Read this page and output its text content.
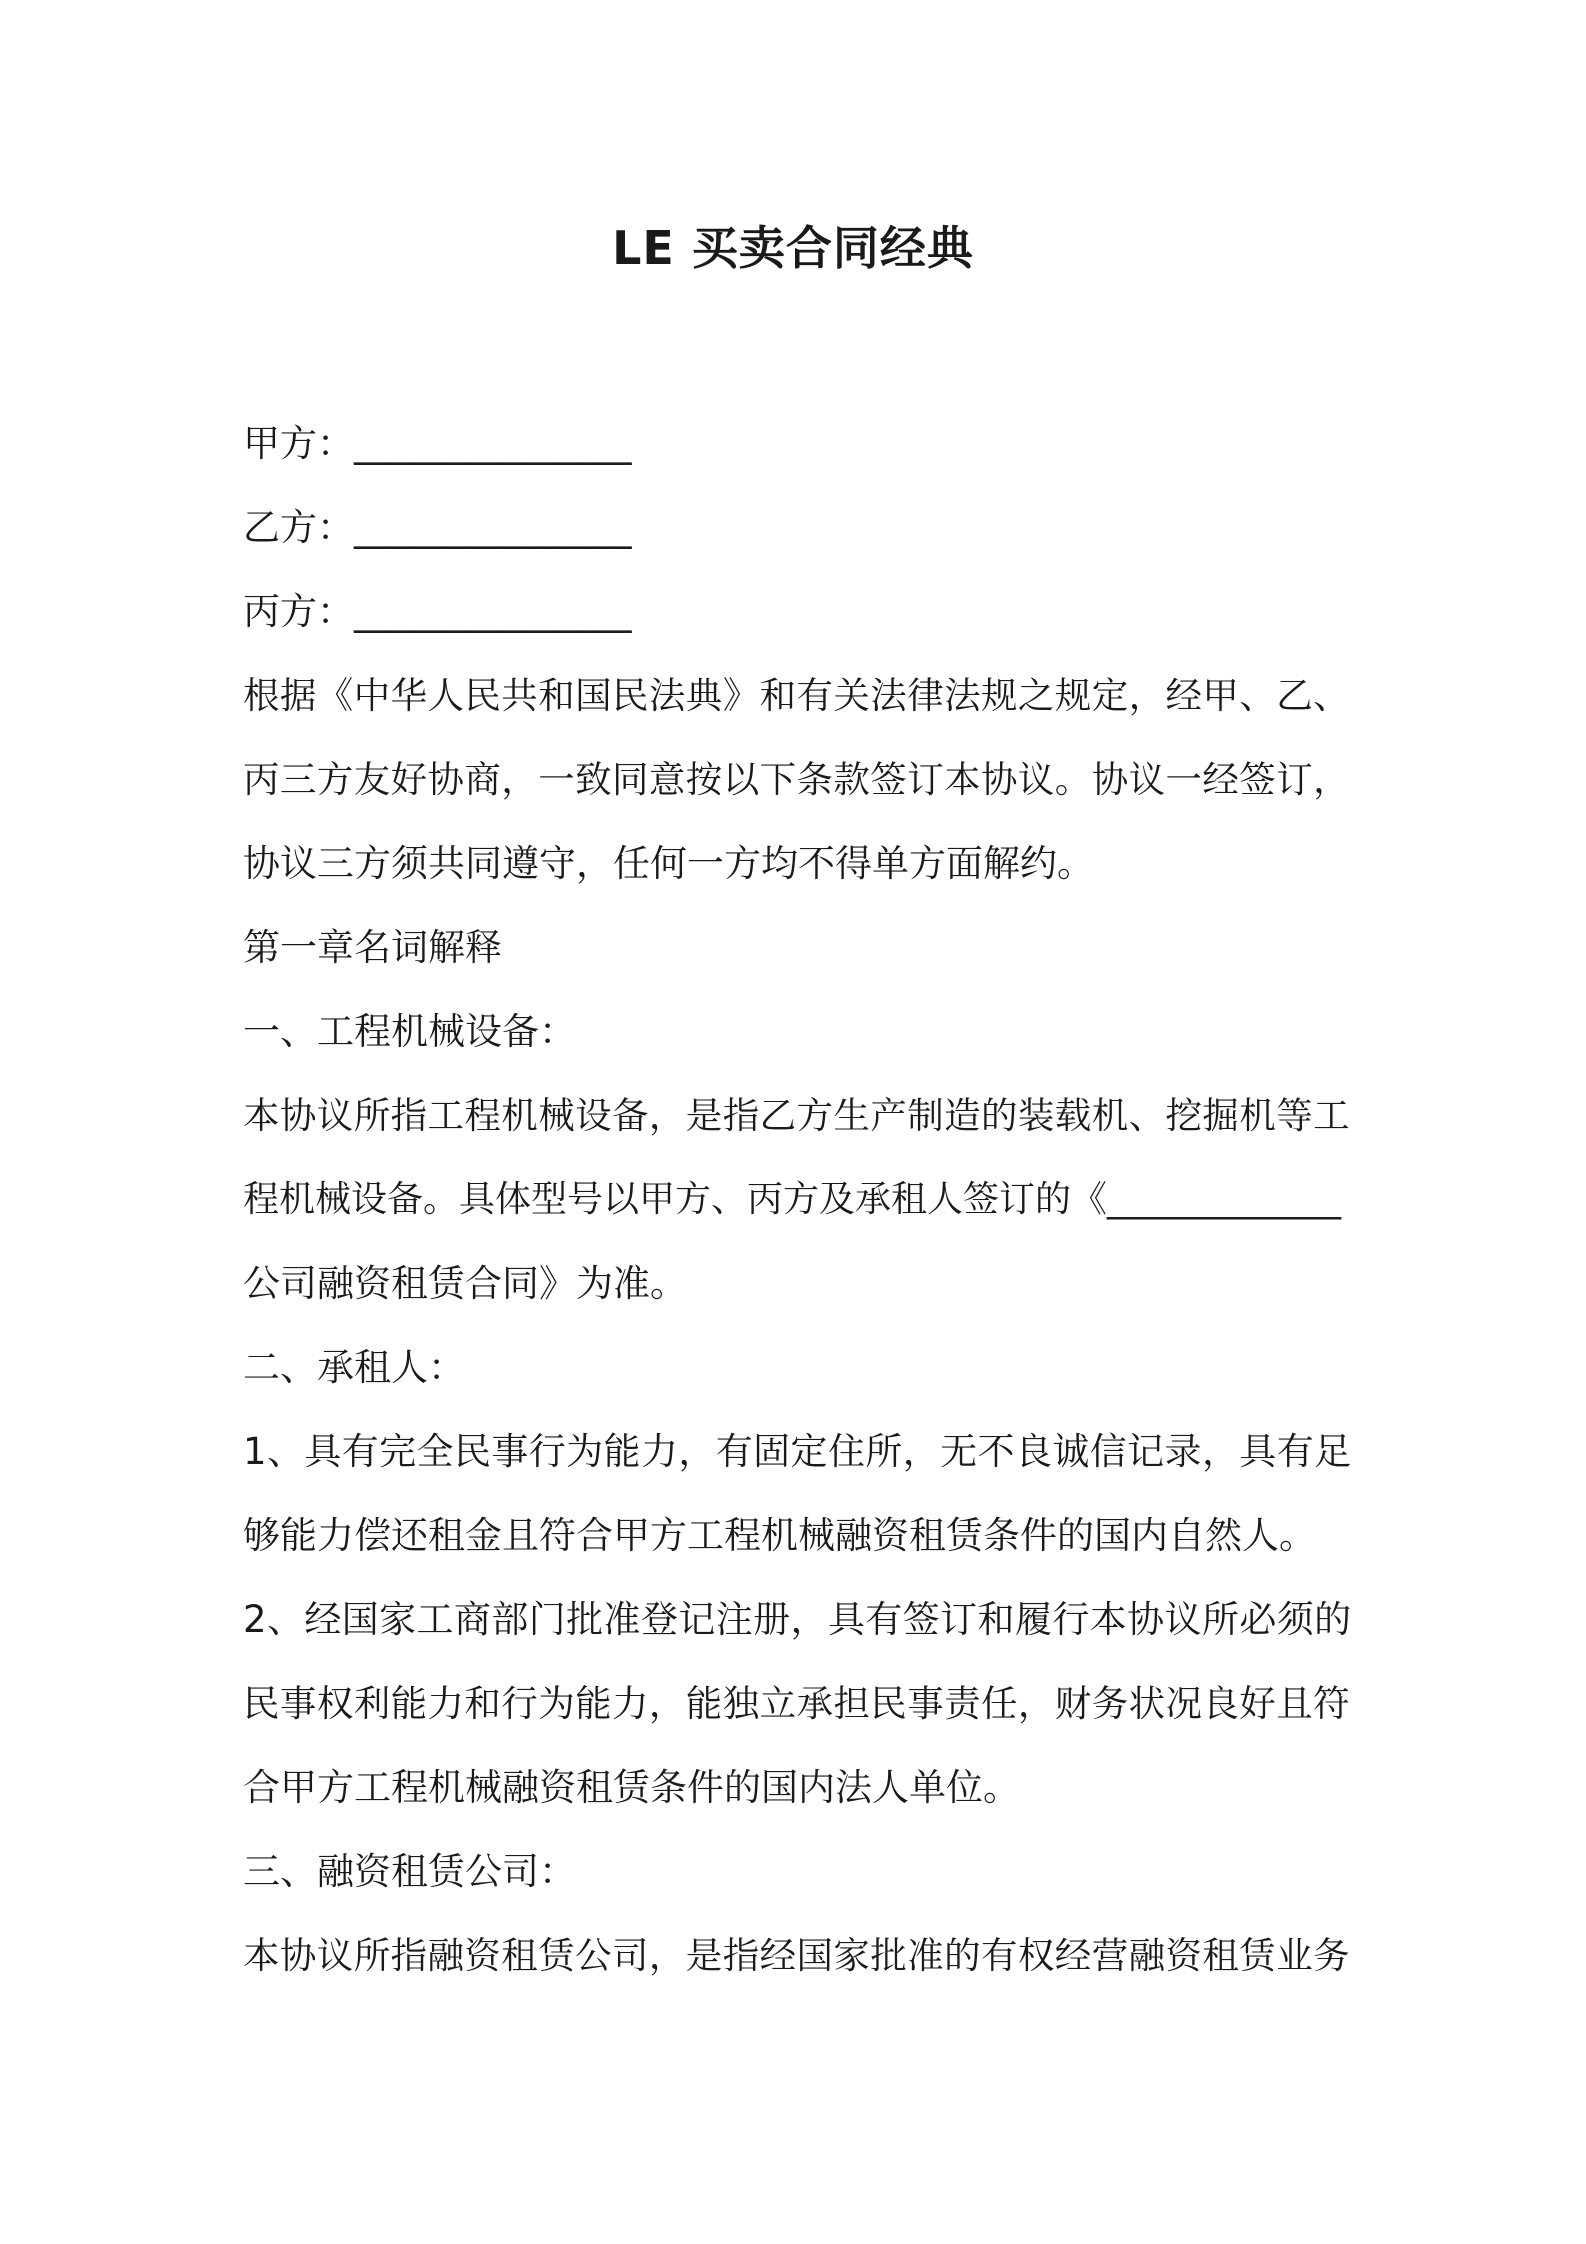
LE 买卖合同经典
甲方：_______________
乙方：_______________
丙方：_______________
根据《中华人民共和国民法典》和有关法律法规之规定，经甲、乙、
丙三方友好协商，一致同意按以下条款签订本协议。协议一经签订，
协议三方须共同遵守，任何一方均不得单方面解约。
第一章名词解释
一、工程机械设备：
本协议所指工程机械设备，是指乙方生产制造的装载机、挖掘机等工
程机械设备。具体型号以甲方、丙方及承租人签订的《_____________
公司融资租赁合同》为准。
二、承租人：
1、具有完全民事行为能力，有固定住所，无不良诚信记录，具有足
够能力偿还租金且符合甲方工程机械融资租赁条件的国内自然人。
2、经国家工商部门批准登记注册，具有签订和履行本协议所必须的
民事权利能力和行为能力，能独立承担民事责任，财务状况良好且符
合甲方工程机械融资租赁条件的国内法人单位。
三、融资租赁公司：
本协议所指融资租赁公司，是指经国家批准的有权经营融资租赁业务
